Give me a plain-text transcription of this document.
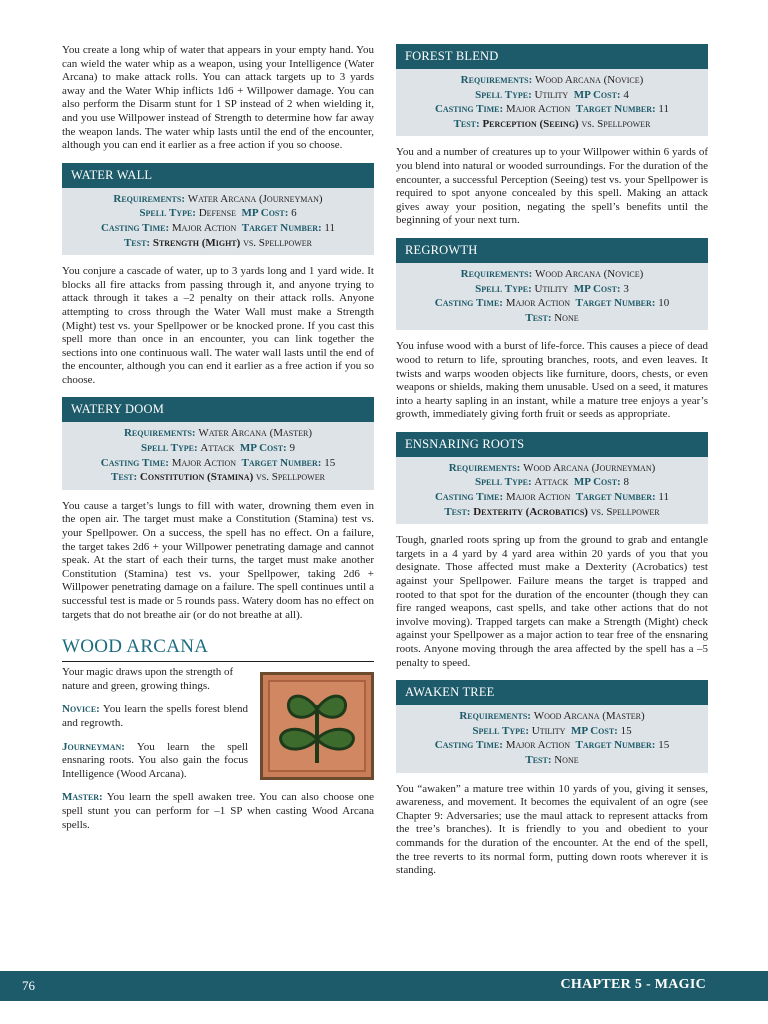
You create a long whip of water that appears in your empty hand. You can wield the water whip as a weapon, using your Intelligence (Water Arcana) to make attack rolls. You can attack targets up to 3 yards away and the Water Whip inflicts 1d6 + Willpower damage. You can also perform the Disarm stunt for 1 SP instead of 2 when wielding it, and you use Willpower instead of Strength to determine how far away the weapon lands. The water whip lasts until the end of the encounter, although you can end it earlier as a free action if you so choose.

WATER WALL
Requirements: Water Arcana (Journeyman)
Spell Type: Defense MP Cost: 6
Casting Time: Major Action Target Number: 11
Test: Strength (Might) vs. Spellpower

You conjure a cascade of water, up to 3 yards long and 1 yard wide. It blocks all fire attacks from passing through it, and anyone trying to attack through it takes a –2 penalty on their attack rolls. Anyone attempting to cross through the Water Wall must make a Strength (Might) test vs. your Spellpower or be knocked prone. If you cast this spell more than once in an encounter, you can link together the sections into one continuous wall. The water wall lasts until the end of the encounter, although you can end it earlier as a free action if you so choose.

WATERY DOOM
Requirements: Water Arcana (Master)
Spell Type: Attack MP Cost: 9
Casting Time: Major Action Target Number: 15
Test: Constitution (Stamina) vs. Spellpower

You cause a target’s lungs to fill with water, drowning them even in the open air. The target must make a Constitution (Stamina) test vs. your Spellpower. On a success, the spell has no effect. On a failure, the target takes 2d6 + your Willpower penetrating damage and cannot speak. At the start of each their turns, the target must make another Constitution (Stamina) test vs. your Spellpower, taking 2d6 + Willpower penetrating damage on a failure. The spell continues until a successful test is made or 5 rounds pass. Watery doom has no effect on targets that do not breathe air (or do not breathe at all).

WOOD ARCANA

Your magic draws upon the strength of nature and green, growing things.

Novice: You learn the spells forest blend and regrowth.

Journeyman: You learn the spell ensnaring roots. You also gain the focus Intelligence (Wood Arcana).

Master: You learn the spell awaken tree. You can also choose one spell stunt you can perform for –1 SP when casting Wood Arcana spells.

FOREST BLEND
Requirements: Wood Arcana (Novice)
Spell Type: Utility MP Cost: 4
Casting Time: Major Action Target Number: 11
Test: Perception (Seeing) vs. Spellpower

You and a number of creatures up to your Willpower within 6 yards of you blend into natural or wooded surroundings. For the duration of the encounter, a successful Perception (Seeing) test vs. your Spellpower is required to spot anyone concealed by this spell. Making an attack gives away your position, negating the spell’s benefits until the beginning of your next turn.

REGROWTH
Requirements: Wood Arcana (Novice)
Spell Type: Utility MP Cost: 3
Casting Time: Major Action Target Number: 10
Test: None

You infuse wood with a burst of life-force. This causes a piece of dead wood to return to life, sprouting branches, roots, and even leaves. It twists and warps wooden objects like furniture, doors, chests, or even weapons or shields, making them unusable. Used on a seed, it matures into a hearty sapling in an instant, while a mature tree enjoys a year’s growth, immediately giving forth fruit or seeds as appropriate.

ENSNARING ROOTS
Requirements: Wood Arcana (Journeyman)
Spell Type: Attack MP Cost: 8
Casting Time: Major Action Target Number: 11
Test: Dexterity (Acrobatics) vs. Spellpower

Tough, gnarled roots spring up from the ground to grab and entangle targets in a 4 yard by 4 yard area within 20 yards of you that you designate. Those affected must make a Dexterity (Acrobatics) test against your Spellpower. Failure means the target is trapped and rooted to that spot for the duration of the encounter (though they can fire ranged weapons, cast spells, and take other actions that do not involve moving). Trapped targets can make a Strength (Might) check against your Spellpower as a major action to tear free of the ensnaring roots. Anyone moving through the area affected by the spell has a –5 penalty to speed.

AWAKEN TREE
Requirements: Wood Arcana (Master)
Spell Type: Utility MP Cost: 15
Casting Time: Major Action Target Number: 15
Test: None

You “awaken” a mature tree within 10 yards of you, giving it senses, awareness, and movement. It becomes the equivalent of an ogre (see Chapter 9: Adversaries; use the maul attack to represent attacks from the tree’s branches). It is friendly to you and obedient to your commands for the duration of the encounter. At the end of the spell, the tree reverts to its normal form, putting down roots wherever it is standing.

76	CHAPTER 5 - MAGIC
